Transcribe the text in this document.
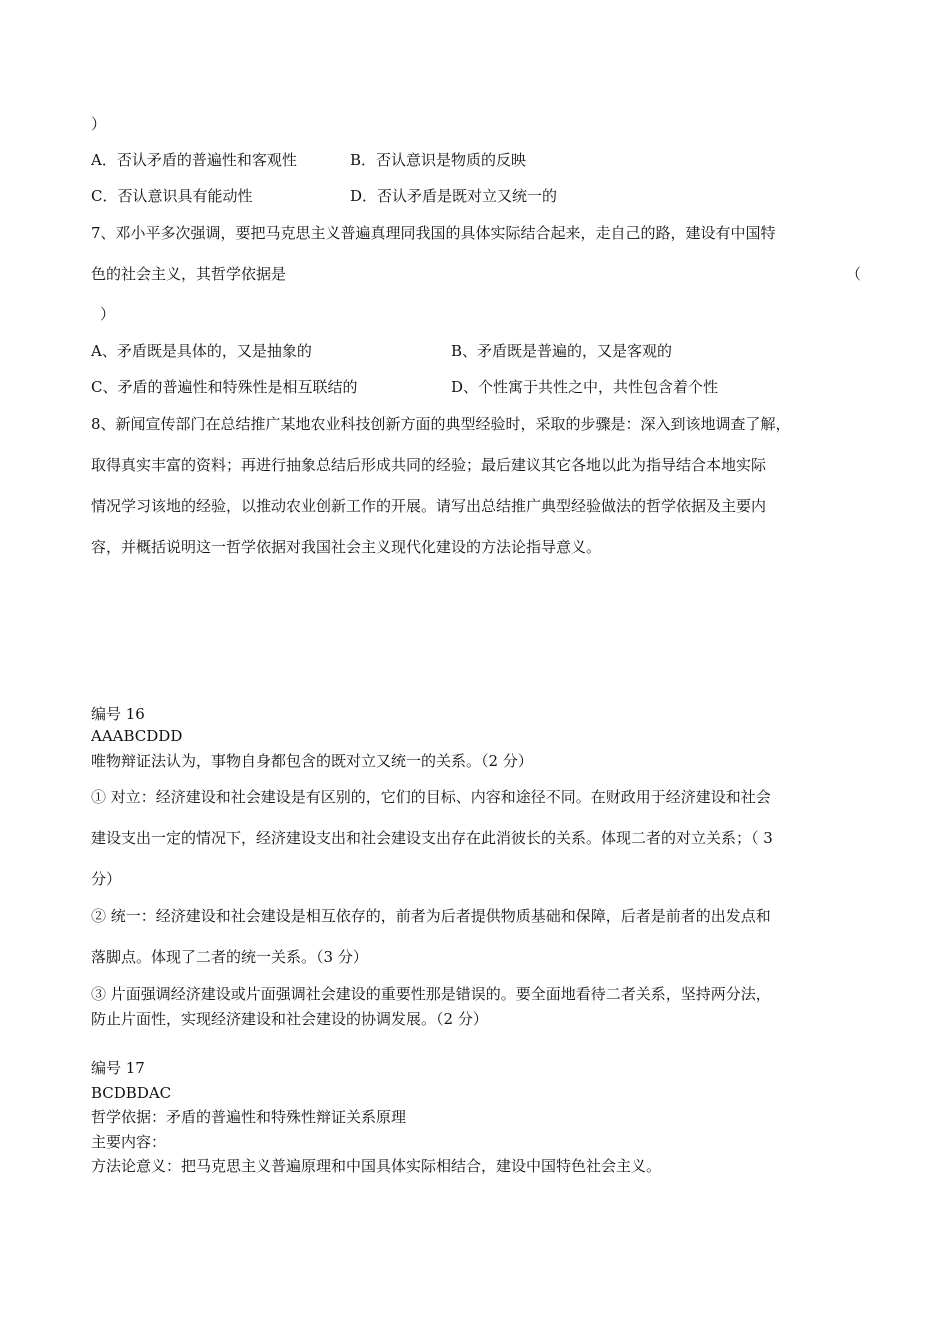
）
A．否认矛盾的普遍性和客观性	B．否认意识是物质的反映
C．否认意识具有能动性	D．否认矛盾是既对立又统一的
7、邓小平多次强调，要把马克思主义普遍真理同我国的具体实际结合起来，走自己的路，建设有中国特
色的社会主义，其哲学依据是	（
）
A、矛盾既是具体的，又是抽象的	B、矛盾既是普遍的，又是客观的
C、矛盾的普遍性和特殊性是相互联结的	D、个性寓于共性之中，共性包含着个性
8、新闻宣传部门在总结推广某地农业科技创新方面的典型经验时，采取的步骤是：深入到该地调查了解，
取得真实丰富的资料；再进行抽象总结后形成共同的经验；最后建议其它各地以此为指导结合本地实际
情况学习该地的经验，以推动农业创新工作的开展。请写出总结推广典型经验做法的哲学依据及主要内
容，并概括说明这一哲学依据对我国社会主义现代化建设的方法论指导意义。
编号 16
AAABCDDD
唯物辩证法认为，事物自身都包含的既对立又统一的关系。（2 分）
① 对立：经济建设和社会建设是有区别的，它们的目标、内容和途径不同。在财政用于经济建设和社会
建设支出一定的情况下，经济建设支出和社会建设支出存在此消彼长的关系。体现二者的对立关系；（ 3
分）
② 统一：经济建设和社会建设是相互依存的，前者为后者提供物质基础和保障，后者是前者的出发点和
落脚点。体现了二者的统一关系。（3 分）
③ 片面强调经济建设或片面强调社会建设的重要性那是错误的。要全面地看待二者关系，坚持两分法，
防止片面性，实现经济建设和社会建设的协调发展。（2 分）
编号 17
BCDBDAC
哲学依据：矛盾的普遍性和特殊性辩证关系原理
主要内容：
方法论意义：把马克思主义普遍原理和中国具体实际相结合，建设中国特色社会主义。
